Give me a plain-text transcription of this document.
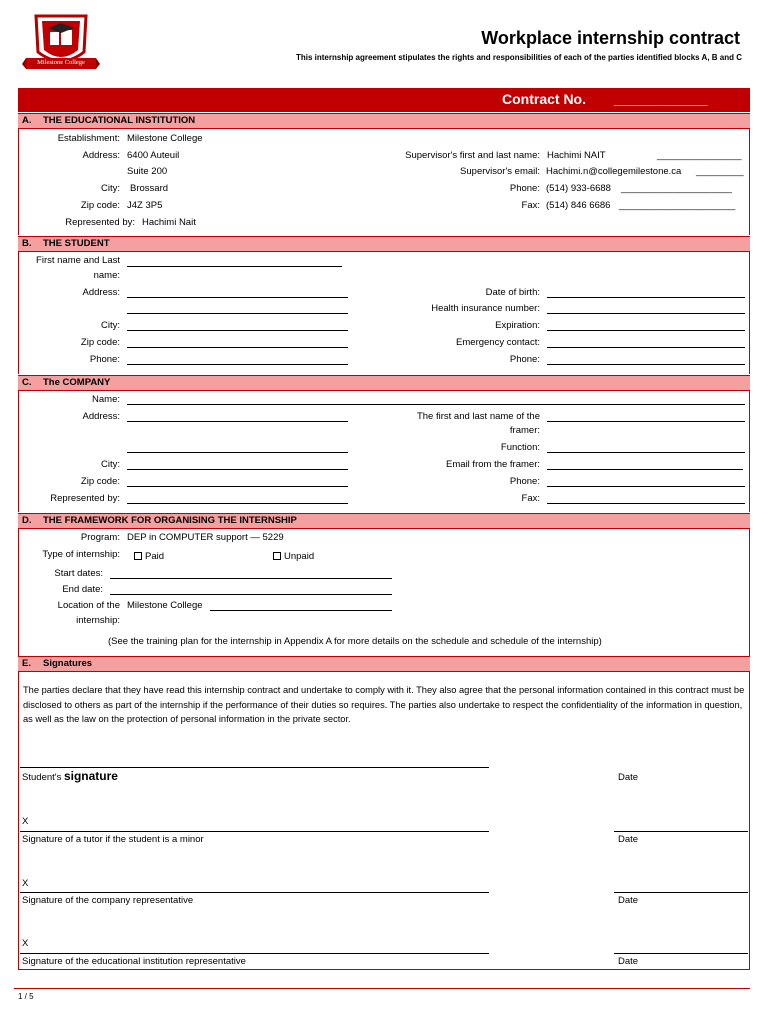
Milestone College
Workplace internship contract
This internship agreement stipulates the rights and responsibilities of each of the parties identified blocks A, B and C
Contract No. ____________
A. THE EDUCATIONAL INSTITUTION
Establishment: Milestone College
Address: 6400 Auteuil
Suite 200
City: Brossard
Zip code: J4Z 3P5
Represented by: Hachimi Nait
Supervisor's first and last name: Hachimi NAIT	________________
Supervisor's email: Hachimi.n@collegemilestone.ca _________
Phone: (514) 933-6688 _____________________
Fax: (514) 846 6686 ______________________
B. THE STUDENT
First name and Last
name:
Address:
City:
Zip code:
Phone:
Date of birth:
Health insurance number:
Expiration:
Emergency contact:
Phone:
C. The COMPANY
Name:
Address:
City:
Zip code:
Represented by:
The first and last name of the
framer:
Function:
Email from the framer:
Phone:
Fax:
D. THE FRAMEWORK FOR ORGANISING THE INTERNSHIP
Program: DEP in COMPUTER support — 5229
Type of internship:	Paid	Unpaid
Start dates:
End date:
Location of the
internship:
Milestone College
(See the training plan for the internship in Appendix A for more details on the schedule and schedule of the internship)
E. Signatures
The parties declare that they have read this internship contract and undertake to comply with it. They also agree that the personal information contained in this contract must be disclosed to others as part of the internship if the performance of their duties so requires. The parties also undertake to respect the confidentiality of the information in question, as well as the law on the protection of personal information in the private sector.
Student's signature	Date
X
Signature of a tutor if the student is a minor	Date
X
Signature of the company representative	Date
X
Signature of the educational institution representative	Date
1 / 5
